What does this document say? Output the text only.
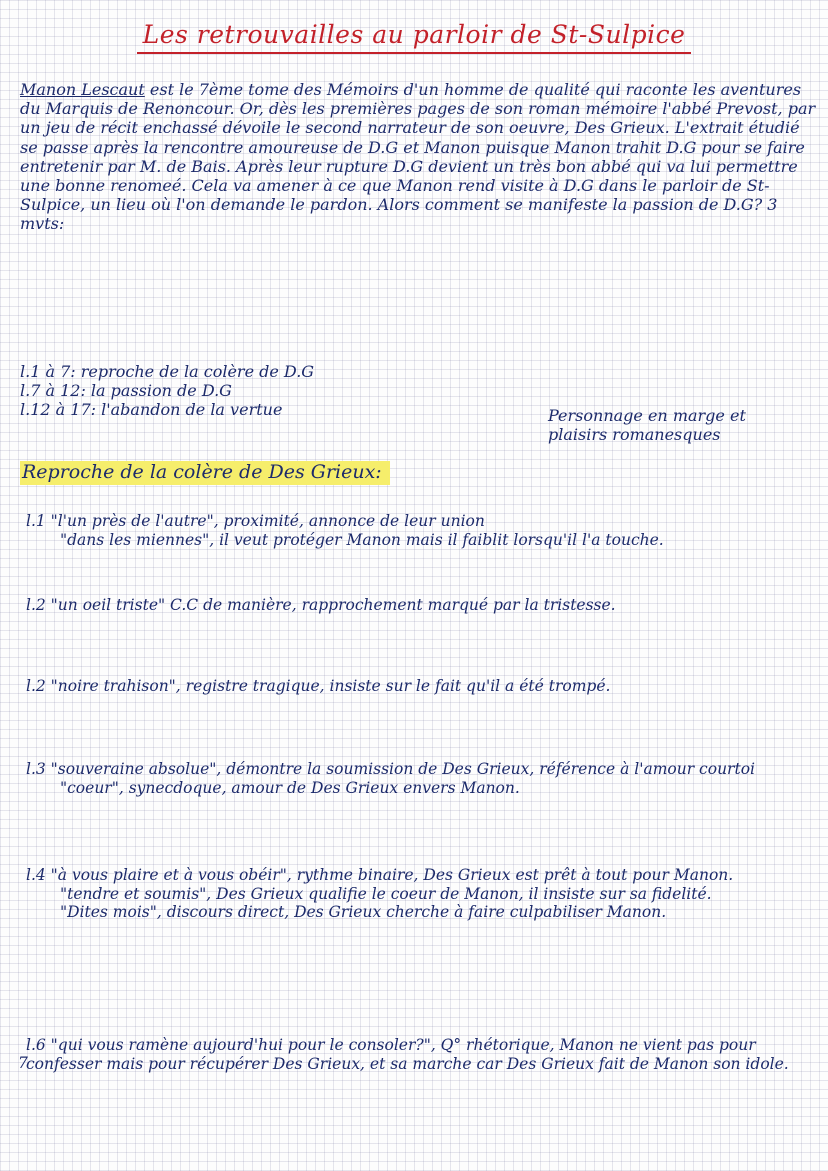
Les retrouvailles au parloir de St-Sulpice

Manon Lescaut est le 7ème tome des Mémoirs d'un homme de qualité qui raconte les aventures du Marquis de Renoncour. Or, dès les premières pages de son roman mémoire l'abbé Prevost, par un jeu de récit enchassé dévoile le second narrateur de son oeuvre, Des Grieux. L'extrait étudié se passe après la rencontre amoureuse de D.G et Manon puisque Manon trahit D.G pour se faire entretenir par M. de Bais. Après leur rupture D.G devient un très bon abbé qui va lui permettre une bonne renomeé. Cela va amener à ce que Manon rend visite à D.G dans le parloir de St-Sulpice, un lieu où l'on demande le pardon. Alors comment se manifeste la passion de D.G? 3 mvts:

l.1 à 7: reproche de la colère de D.G
l.7 à 12: la passion de D.G
l.12 à 17: l'abandon de la vertue	Personnage en marge et plaisirs romanesques
Reproche de la colère de Des Grieux:

l.1 "l'un près de l'autre", proximité, annonce de leur union

"dans les miennes", il veut protéger Manon mais il faiblit lorsqu'il l'a touche.

l.2 "un oeil triste" C.C de manière, rapprochement marqué par la tristesse.

l.2 "noire trahison", registre tragique, insiste sur le fait qu'il a été trompé.

l.3 "souveraine absolue", démontre la soumission de Des Grieux, référence à l'amour courtoi

"coeur", synecdoque, amour de Des Grieux envers Manon.

l.4 "à vous plaire et à vous obéir", rythme binaire, Des Grieux est prêt à tout pour Manon.

"tendre et soumis", Des Grieux qualifie le coeur de Manon, il insiste sur sa fidelité.

"Dites mois", discours direct, Des Grieux cherche à faire culpabiliser Manon.

l.6 "qui vous ramène aujourd'hui pour le consoler?", Q° rhétorique, Manon ne vient pas pour confesser mais pour récupérer Des Grieux, et sa marche car Des Grieux fait de Manon son idole.

7
